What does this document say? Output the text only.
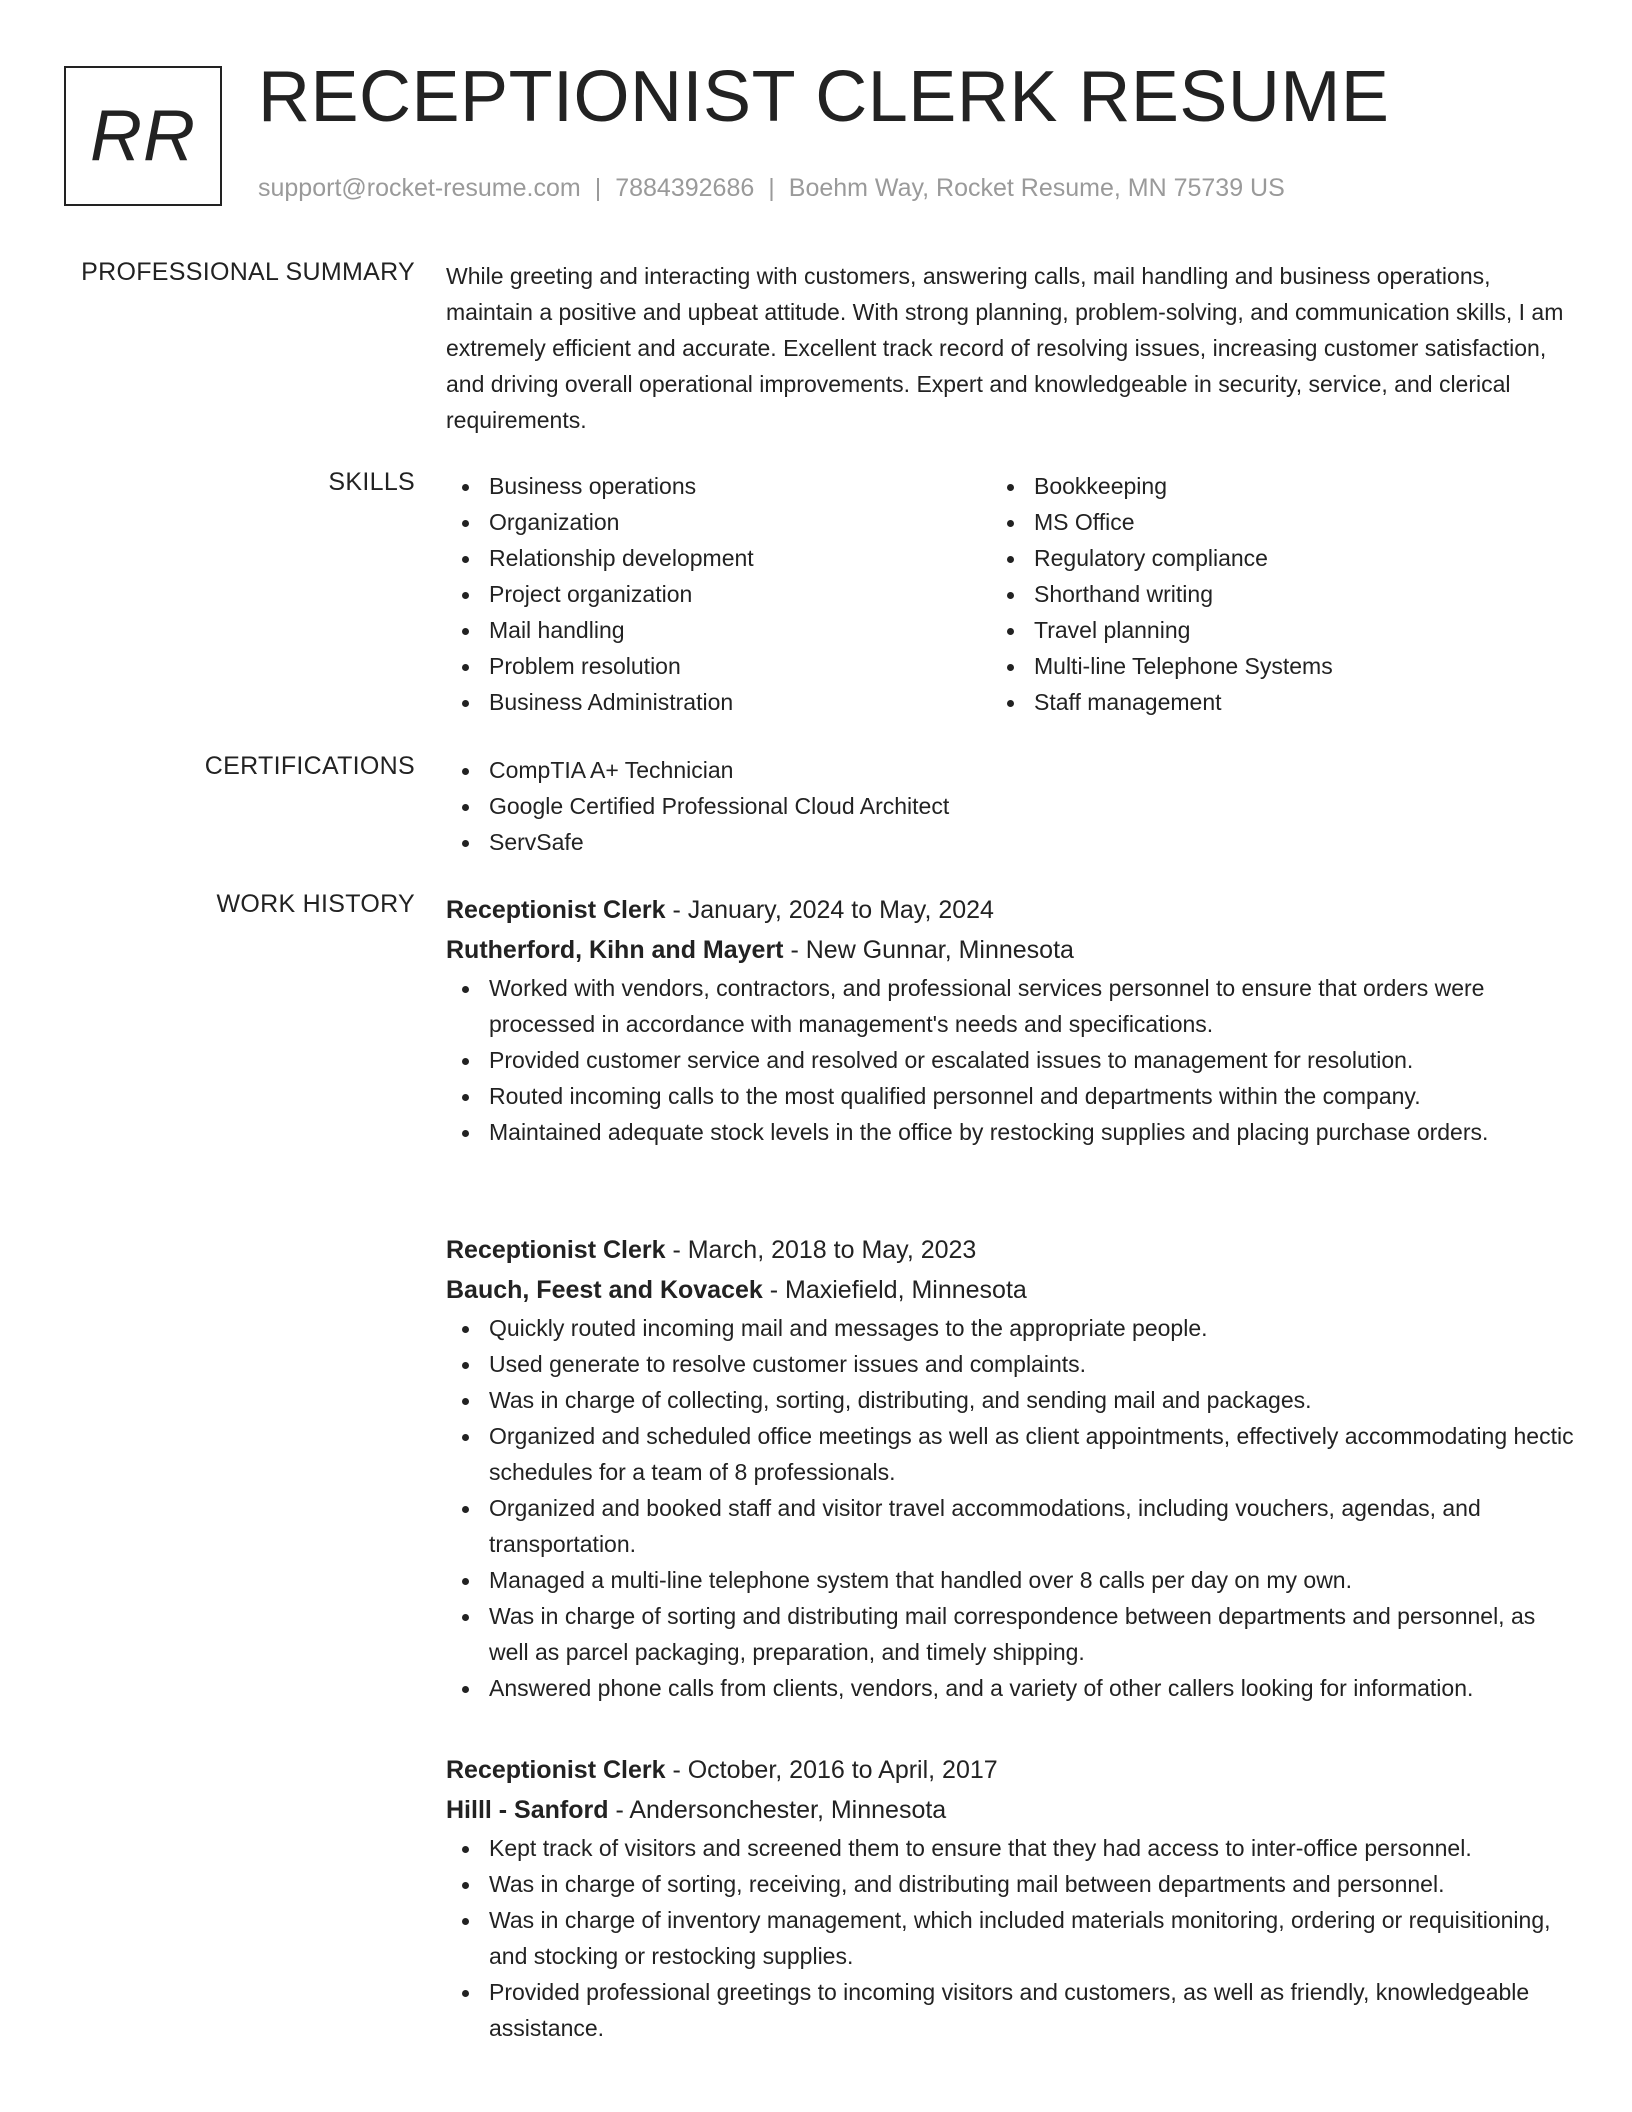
RR RECEPTIONIST CLERK RESUME
support@rocket-resume.com | 7884392686 | Boehm Way, Rocket Resume, MN 75739 US
PROFESSIONAL SUMMARY While greeting and interacting with customers, answering calls, mail handling and business operations, maintain a positive and upbeat attitude. With strong planning, problem-solving, and communication skills, I am extremely efficient and accurate. Excellent track record of resolving issues, increasing customer satisfaction, and driving overall operational improvements. Expert and knowledgeable in security, service, and clerical requirements.

SKILLS	Business operations
Organization
Relationship development
Project organization
Mail handling
Problem resolution
Business Administration
Bookkeeping
MS Office
Regulatory compliance
Shorthand writing
Travel planning
Multi-line Telephone Systems
Staff management
CERTIFICATIONS	CompTIA A+ Technician
Google Certified Professional Cloud Architect
ServSafe
WORK HISTORY Receptionist Clerk - January, 2024 to May, 2024
Rutherford, Kihn and Mayert - New Gunnar, Minnesota
Worked with vendors, contractors, and professional services personnel to ensure that orders were processed in accordance with management's needs and specifications.
Provided customer service and resolved or escalated issues to management for resolution.
Routed incoming calls to the most qualified personnel and departments within the company.
Maintained adequate stock levels in the office by restocking supplies and placing purchase orders.
Receptionist Clerk - March, 2018 to May, 2023
Bauch, Feest and Kovacek - Maxiefield, Minnesota
Quickly routed incoming mail and messages to the appropriate people.
Used generate to resolve customer issues and complaints.
Was in charge of collecting, sorting, distributing, and sending mail and packages.
Organized and scheduled office meetings as well as client appointments, effectively accommodating hectic schedules for a team of 8 professionals.
Organized and booked staff and visitor travel accommodations, including vouchers, agendas, and transportation.
Managed a multi-line telephone system that handled over 8 calls per day on my own.
Was in charge of sorting and distributing mail correspondence between departments and personnel, as well as parcel packaging, preparation, and timely shipping.
Answered phone calls from clients, vendors, and a variety of other callers looking for information.
Receptionist Clerk - October, 2016 to April, 2017
Hilll - Sanford - Andersonchester, Minnesota
Kept track of visitors and screened them to ensure that they had access to inter-office personnel.
Was in charge of sorting, receiving, and distributing mail between departments and personnel.
Was in charge of inventory management, which included materials monitoring, ordering or requisitioning, and stocking or restocking supplies.
Provided professional greetings to incoming visitors and customers, as well as friendly, knowledgeable assistance.
